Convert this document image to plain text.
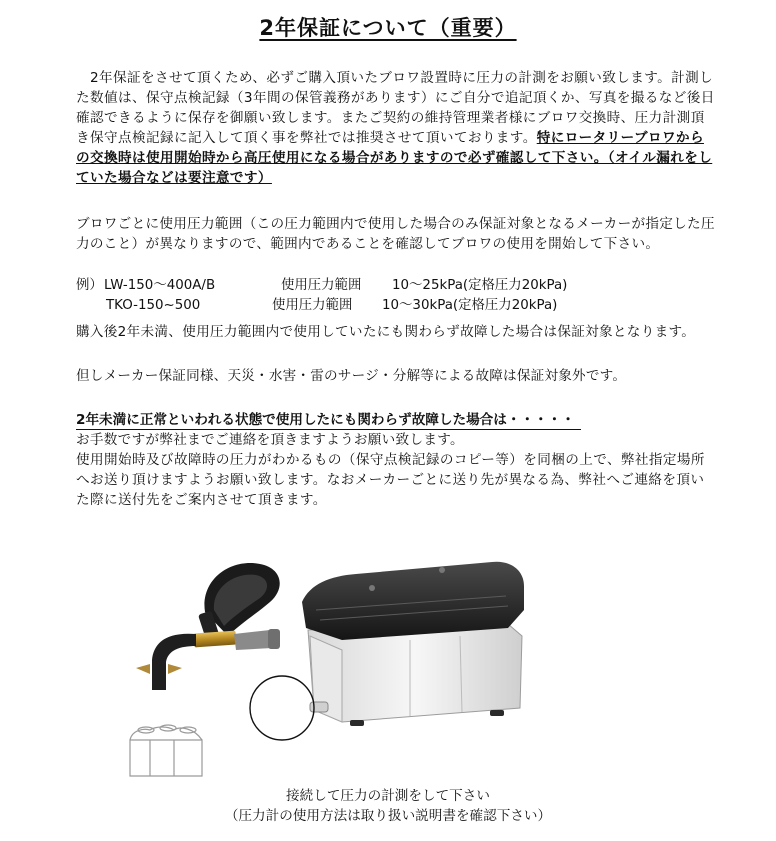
2年保証について（重要）
2年保証をさせて頂くため、必ずご購入頂いたブロワ設置時に圧力の計測をお願い致します。計測した数値は、保守点検記録（3年間の保管義務があります）にご自分で追記頂くか、写真を撮るなど後日確認できるように保存を御願い致します。またご契約の維持管理業者様にブロワ交換時、圧力計測頂き保守点検記録に記入して頂く事を弊社では推奨させて頂いております。特にロータリーブロワからの交換時は使用開始時から高圧使用になる場合がありますので必ず確認して下さい。（オイル漏れをしていた場合などは要注意です）
ブロワごとに使用圧力範囲（この圧力範囲内で使用した場合のみ保証対象となるメーカーが指定した圧力のこと）が異なりますので、範囲内であることを確認してブロワの使用を開始して下さい。
例） LW-150～400A/B	使用圧力範囲 10～25kPa(定格圧力20kPa)
TKO-150~500	使用圧力範囲 10～30kPa(定格圧力20kPa)
購入後2年未満、使用圧力範囲内で使用していたにも関わらず故障した場合は保証対象となります。
但しメーカー保証同様、天災・水害・雷のサージ・分解等による故障は保証対象外です。
2年未満に正常といわれる状態で使用したにも関わらず故障した場合は・・・・・
お手数ですが弊社までご連絡を頂きますようお願い致します。
使用開始時及び故障時の圧力がわかるもの（保守点検記録のコピー等）を同梱の上で、弊社指定場所へお送り頂けますようお願い致します。なおメーカーごとに送り先が異なる為、弊社へご連絡を頂いた際に送付先をご案内させて頂きます。
接続して圧力の計測をして下さい
（圧力計の使用方法は取り扱い説明書を確認下さい）
